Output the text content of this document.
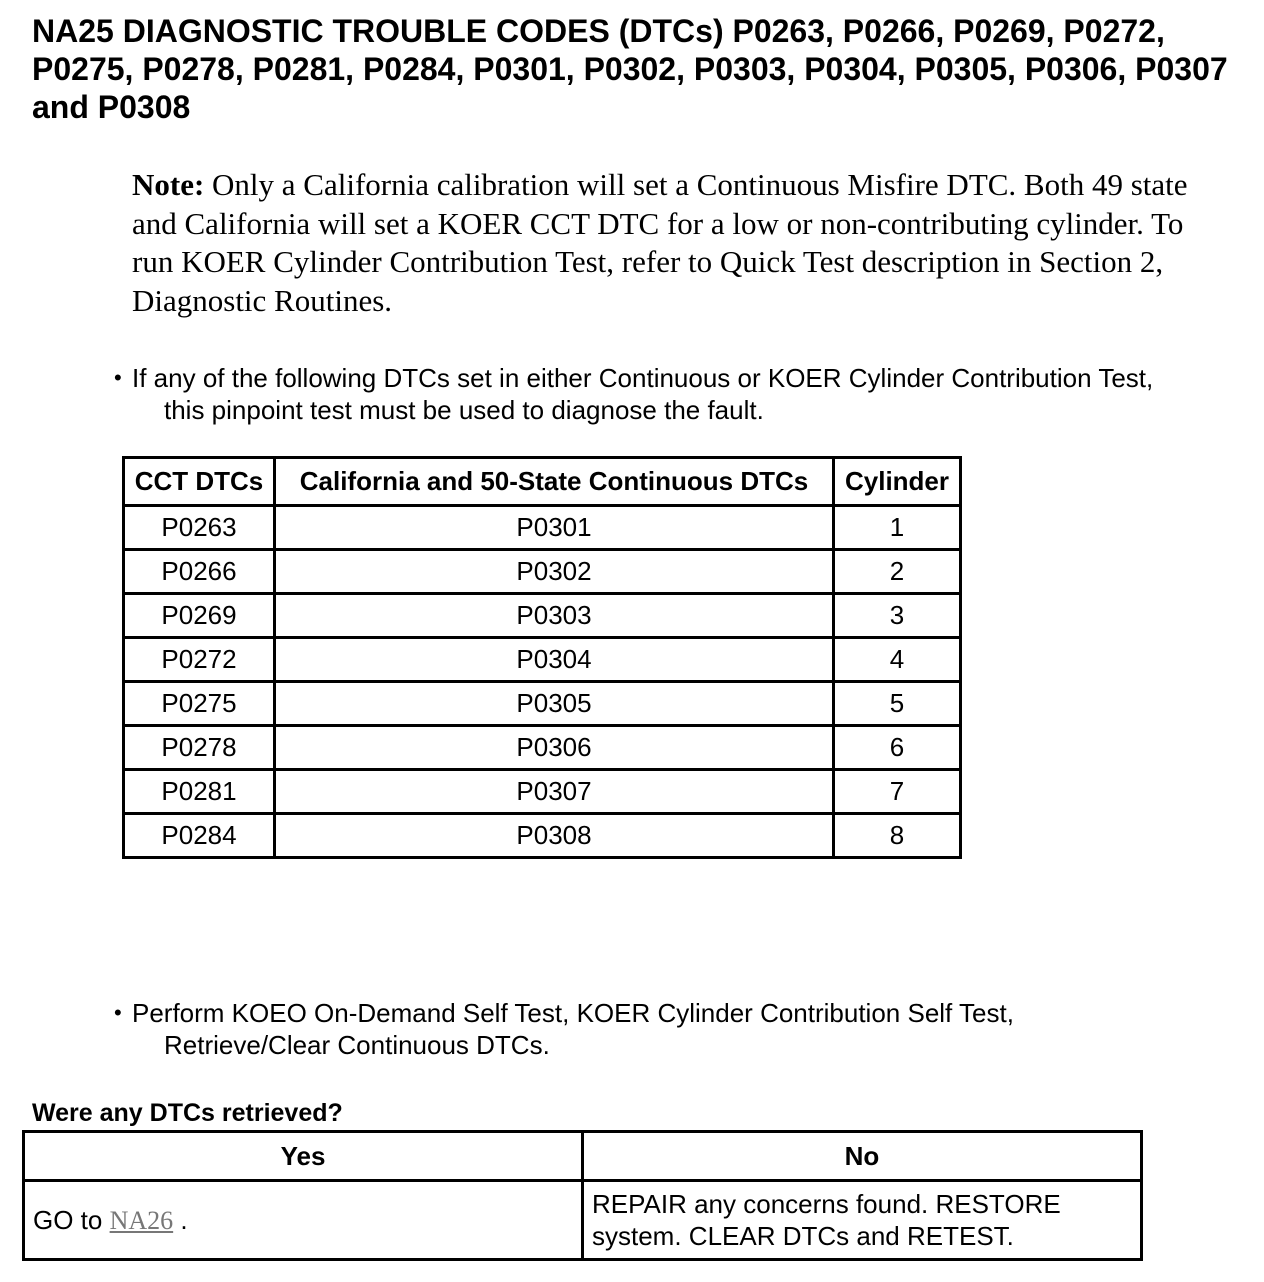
NA25 DIAGNOSTIC TROUBLE CODES (DTCs) P0263, P0266, P0269, P0272, P0275, P0278, P0281, P0284, P0301, P0302, P0303, P0304, P0305, P0306, P0307 and P0308
Note: Only a California calibration will set a Continuous Misfire DTC. Both 49 state and California will set a KOER CCT DTC for a low or non-contributing cylinder. To run KOER Cylinder Contribution Test, refer to Quick Test description in Section 2, Diagnostic Routines.
• If any of the following DTCs set in either Continuous or KOER Cylinder Contribution Test,
this pinpoint test must be used to diagnose the fault.
CCT DTCs	California and 50-State Continuous DTCs	Cylinder
P0263	P0301	1
P0266	P0302	2
P0269	P0303	3
P0272	P0304	4
P0275	P0305	5
P0278	P0306	6
P0281	P0307	7
P0284	P0308	8
• Perform KOEO On-Demand Self Test, KOER Cylinder Contribution Self Test,
Retrieve/Clear Continuous DTCs.
Were any DTCs retrieved?
Yes	No
GO to NA26 .	REPAIR any concerns found. RESTORE
system. CLEAR DTCs and RETEST.
